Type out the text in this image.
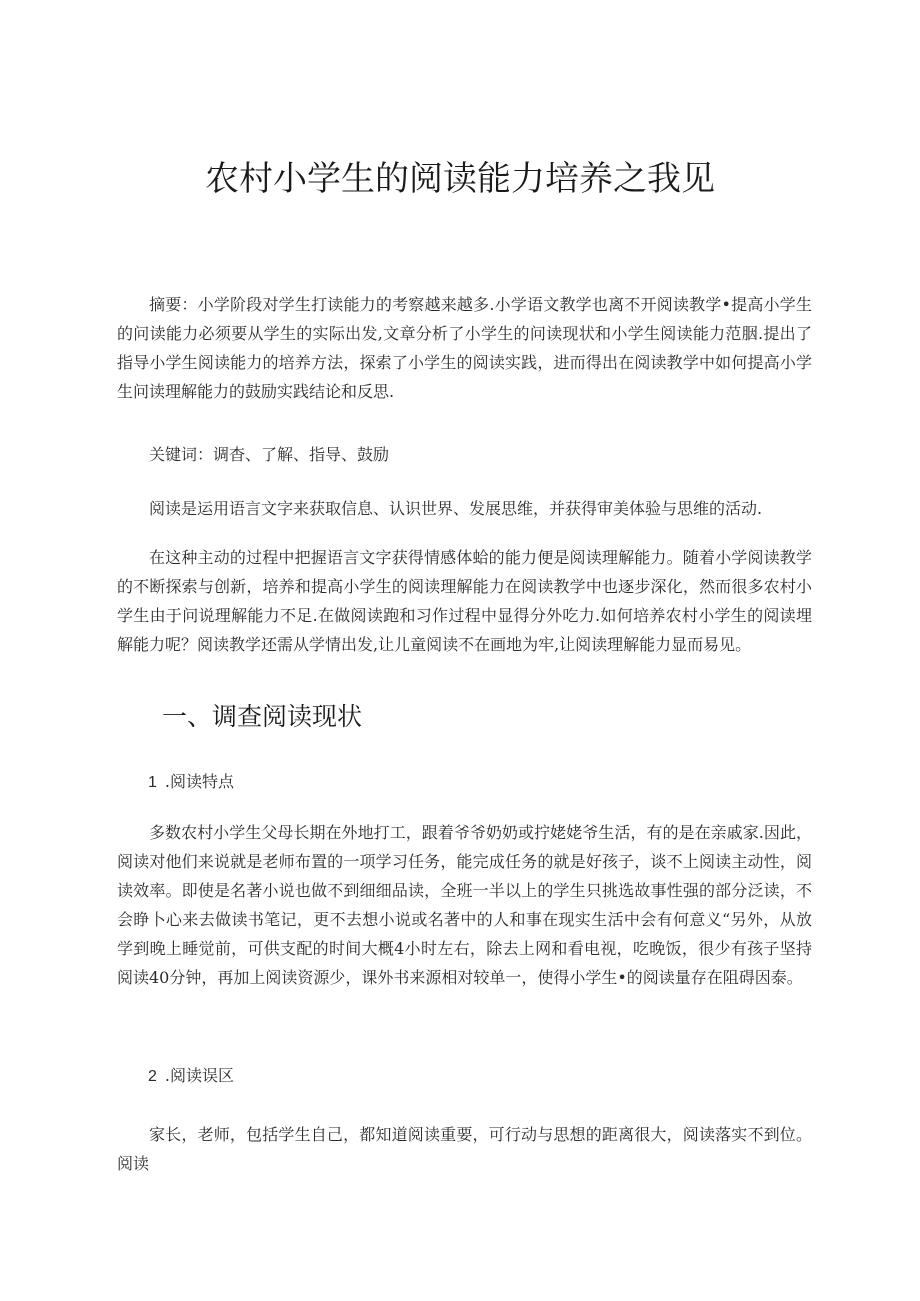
农村小学生的阅读能力培养之我见

摘要：小学阶段对学生打读能力的考察越来越多.小学语文教学也离不开阅读教学•提高小学生的问读能力必须要从学生的实际出发,文章分析了小学生的问读现状和小学生阅读能力范胭.提出了指导小学生阅读能力的培养方法，探索了小学生的阅读实践，进而得出在阅读教学中如何提高小学生问读理解能力的鼓励实践结论和反思.

关键词：调杳、了解、指导、鼓励

阅读是运用语言文字来获取信息、认识世界、发展思维，并获得审美体验与思维的活动.

在这种主动的过程中把握语言文字获得情感体蛤的能力便是阅读理解能力。随着小学阅读教学的不断探索与创新，培养和提高小学生的阅读理解能力在阅读教学中也逐步深化，然而很多农村小学生由于问说理解能力不足.在做阅读跑和习作过程中显得分外吃力.如何培养农村小学生的阅读埋解能力呢？阅读教学还需从学情出发,让儿童阅读不在画地为牢,让阅读理解能力显而易见。

一、调查阅读现状
1 .阅读特点

多数农村小学生父母长期在外地打工，跟着爷爷奶奶或拧姥姥爷生活，有的是在亲戚家.因此，阅读对他们来说就是老师布置的一项学习任务，能完成任务的就是好孩子，谈不上阅读主动性，阅读效率。即使是名著小说也做不到细细品读，全班一半以上的学生只挑选故事性强的部分泛读，不会睁卜心来去做读书笔记，更不去想小说或名著中的人和事在现实生活中会有何意义“另外，从放学到晚上睡觉前，可供支配的时间大概4小时左右，除去上网和看电视，吃晚饭，很少有孩子坚持阅读40分钟，再加上阅读资源少，课外书来源相对较单一，使得小学生•的阅读量存在阻碍因泰。

2 .阅读误区

家长，老师，包括学生自己，都知道阅读重要，可行动与思想的距离很大，阅读落实不到位。阅读
